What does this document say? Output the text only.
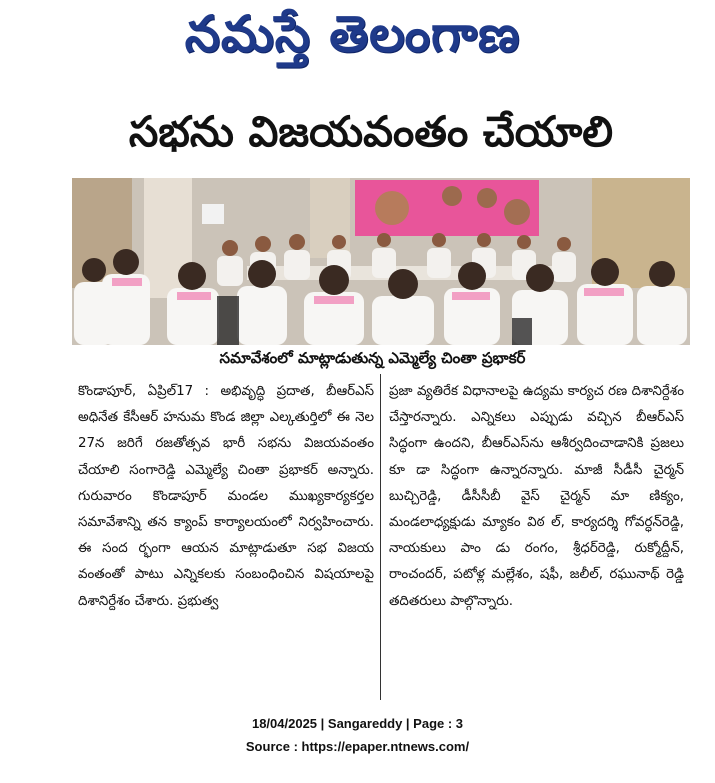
నమస్తే తెలంగాణ
సభను విజయవంతం చేయాలి
సమావేశంలో మాట్లాడుతున్న ఎమ్మెల్యే చింతా ప్రభాకర్

కొండాపూర్, ఏప్రిల్17 : అభివృద్ధి ప్రదాత, బీఆర్ఎస్ అధినేత కేసీఆర్ హనుమ కొండ జిల్లా ఎల్కతుర్తిలో ఈ నెల 27న జరిగే రజతోత్సవ భారీ సభను విజయవంతం చేయాలి సంగారెడ్డి ఎమ్మెల్యే చింతా ప్రభాకర్ అన్నారు. గురువారం కొండాపూర్ మండల ముఖ్యకార్యకర్తల సమావేశాన్ని తన క్యాంప్ కార్యాలయంలో నిర్వహించారు. ఈ సంద ర్భంగా ఆయన మాట్లాడుతూ సభ విజయ వంతంతో పాటు ఎన్నికలకు సంబంధించిన విషయాలపై దిశానిర్దేశం చేశారు. ప్రభుత్వ

ప్రజా వ్యతిరేక విధానాలపై ఉద్యమ కార్యచ రణ దిశానిర్దేశం చేస్తారన్నారు. ఎన్నికలు ఎప్పుడు వచ్చిన బీఆర్ఎస్ సిద్ధంగా ఉందని, బీఆర్ఎస్‌ను ఆశీర్వదించాడానికి ప్రజలు కూ డా సిద్ధంగా ఉన్నారన్నారు. మాజీ సీడీసీ చైర్మన్ బుచ్చిరెడ్డి, డీసీసీబీ వైస్ చైర్మన్ మా ణిక్యం, మండలాధ్యక్షుడు మ్యాకం విఠ ల్, కార్యదర్శి గోవర్ధన్‌రెడ్డి, నాయకులు పాం డు రంగం, శ్రీధర్‌రెడ్డి, రుక్మోద్దీన్, రాంచందర్, పటోళ్ల మల్లేశం, షఫీ, జలీల్, రఘునాథ్ రెడ్డి తదితరులు పాల్గొన్నారు.

18/04/2025 | Sangareddy | Page : 3
Source : https://epaper.ntnews.com/
